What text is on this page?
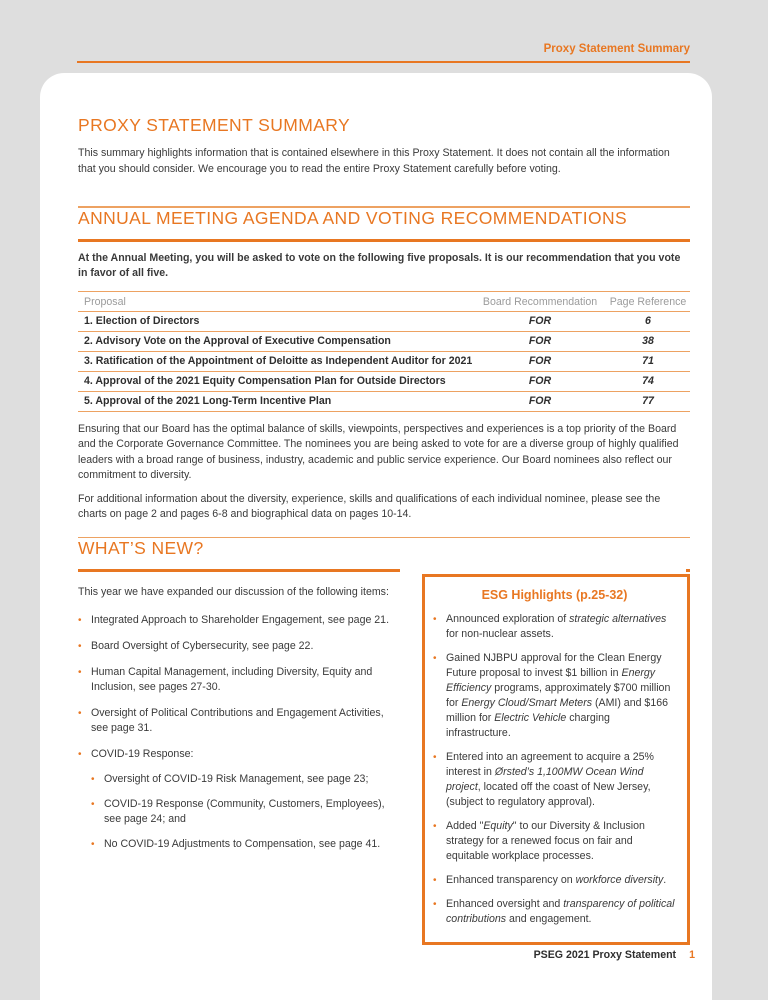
Proxy Statement Summary
PROXY STATEMENT SUMMARY

This summary highlights information that is contained elsewhere in this Proxy Statement. It does not contain all the information that you should consider. We encourage you to read the entire Proxy Statement carefully before voting.

ANNUAL MEETING AGENDA AND VOTING RECOMMENDATIONS

At the Annual Meeting, you will be asked to vote on the following five proposals. It is our recommendation that you vote in favor of all five.

Proposal	Board Recommendation	Page Reference
1. Election of Directors	FOR	6
2. Advisory Vote on the Approval of Executive Compensation	FOR	38
3. Ratification of the Appointment of Deloitte as Independent Auditor for 2021	FOR	71
4. Approval of the 2021 Equity Compensation Plan for Outside Directors	FOR	74
5. Approval of the 2021 Long-Term Incentive Plan	FOR	77

Ensuring that our Board has the optimal balance of skills, viewpoints, perspectives and experiences is a top priority of the Board and the Corporate Governance Committee. The nominees you are being asked to vote for are a diverse group of highly qualified leaders with a broad range of business, industry, academic and public service experience. Our Board nominees also reflect our commitment to diversity.

For additional information about the diversity, experience, skills and qualifications of each individual nominee, please see the charts on page 2 and pages 6-8 and biographical data on pages 10-14.

WHAT’S NEW?

This year we have expanded our discussion of the following items:

• Integrated Approach to Shareholder Engagement, see page 21.
• Board Oversight of Cybersecurity, see page 22.
• Human Capital Management, including Diversity, Equity and Inclusion, see pages 27-30.
• Oversight of Political Contributions and Engagement Activities, see page 31.
• COVID-19 Response:
• Oversight of COVID-19 Risk Management, see page 23;
• COVID-19 Response (Community, Customers, Employees), see page 24; and
• No COVID-19 Adjustments to Compensation, see page 41.
ESG Highlights (p.25-32)
• Announced exploration of strategic alternatives for non-nuclear assets.
• Gained NJBPU approval for the Clean Energy Future proposal to invest $1 billion in Energy Efficiency programs, approximately $700 million for Energy Cloud/Smart Meters (AMI) and $166 million for Electric Vehicle charging infrastructure.
• Entered into an agreement to acquire a 25% interest in Ørsted’s 1,100MW Ocean Wind project, located off the coast of New Jersey, (subject to regulatory approval).
• Added "Equity" to our Diversity & Inclusion strategy for a renewed focus on fair and equitable workplace processes.
• Enhanced transparency on workforce diversity.
• Enhanced oversight and transparency of political contributions and engagement.
PSEG 2021 Proxy Statement 1
